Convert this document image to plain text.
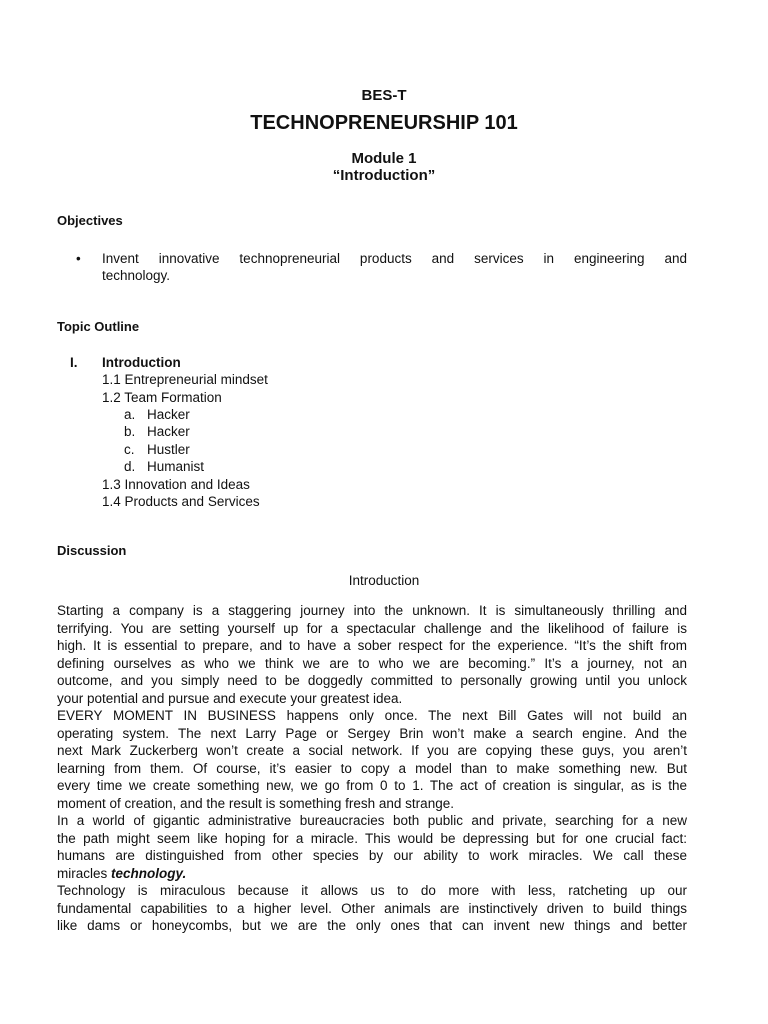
BES-T
TECHNOPRENEURSHIP 101
Module 1
“Introduction”
Objectives
• Invent innovative technopreneurial products and services in engineering and
technology.
Topic Outline
I. Introduction
1.1 Entrepreneurial mindset
1.2 Team Formation
a. Hacker
b. Hacker
c. Hustler
d. Humanist
1.3 Innovation and Ideas
1.4 Products and Services
Discussion
Introduction
Starting a company is a staggering journey into the unknown. It is simultaneously thrilling and
terrifying. You are setting yourself up for a spectacular challenge and the likelihood of failure is
high. It is essential to prepare, and to have a sober respect for the experience. “It’s the shift from
defining ourselves as who we think we are to who we are becoming.” It’s a journey, not an
outcome, and you simply need to be doggedly committed to personally growing until you unlock
your potential and pursue and execute your greatest idea.
EVERY MOMENT IN BUSINESS happens only once. The next Bill Gates will not build an
operating system. The next Larry Page or Sergey Brin won’t make a search engine. And the
next Mark Zuckerberg won’t create a social network. If you are copying these guys, you aren’t
learning from them. Of course, it’s easier to copy a model than to make something new. But
every time we create something new, we go from 0 to 1. The act of creation is singular, as is the
moment of creation, and the result is something fresh and strange.
In a world of gigantic administrative bureaucracies both public and private, searching for a new
the path might seem like hoping for a miracle. This would be depressing but for one crucial fact:
humans are distinguished from other species by our ability to work miracles. We call these
miracles technology.
Technology is miraculous because it allows us to do more with less, ratcheting up our
fundamental capabilities to a higher level. Other animals are instinctively driven to build things
like dams or honeycombs, but we are the only ones that can invent new things and better
